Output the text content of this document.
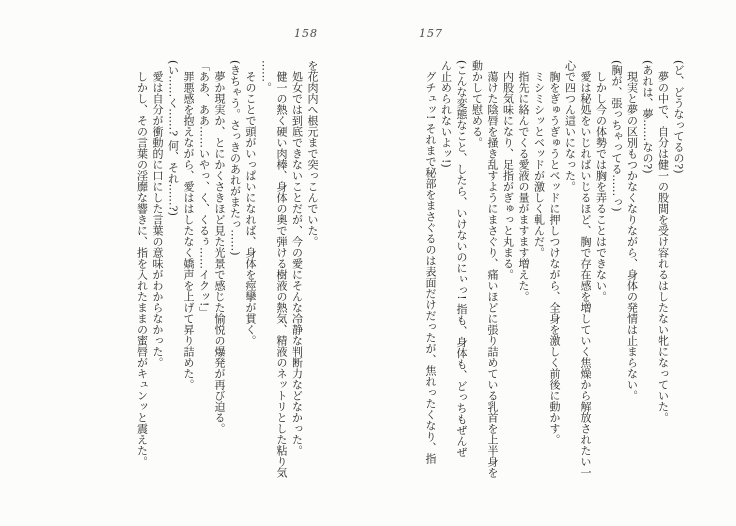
158	157

を花肉内へ根元まで突っこんでいた。

処女では到底できないことだが、今の愛にそんな冷静な判断力などなかった。

健一の熱く硬い肉棒、身体の奥で弾ける樹液の熱気、精液のネットリとした粘り気

……。

そのことで頭がいっぱいになれば、身体を痙攣が貫く。

(きちゃう。さっきのあれがまたっ……)

夢か現実か、とにかくさきほど見た光景で感じた愉悦の爆発が再び迫る。

「ああ、ああ……いやっ、く、くるぅ……イクッ!」

罪悪感を抱えながら、愛ははしたなく嬌声を上げて昇り詰めた。

(い……く……? 何、それ……?)

愛は自分が衝動的に口にした言葉の意味がわからなかった。

しかし、その言葉の淫靡な響きに、指を入れたままの蜜唇がキュンッと震えた。	(ど、どうなってるの?)

夢の中で、自分は健一の股間を受け容れるはしたない牝になっていた。

(あれは、夢……なの?)

現実と夢の区別もつかなくなりながら、身体の発情は止まらない。

(胸が、張っちゃってる……っ)

しかし今の体勢では胸を弄ることはできない。

愛は秘処をいじればいじるほど、胸で存在感を増していく焦燥から解放されたい一

心で四つん這いになった。

胸をぎゅうぎゅうとベッドに押しつけながら、全身を激しく前後に動かす。

ミシミシッとベッドが激しく軋んだ。

指先に絡んでくる愛液の量がますます増えた。

内股気味になり、足指がぎゅっと丸まる。

蕩けた陰唇を掻き乱すようにまさぐり、痛いほどに張り詰めている乳首を上半身を

動かして慰める。

(こんな変態なこと、したら、いけないのにぃっ! 指も、身体も、どっちもぜんぜ

ん止められないよッ!)

グチュッ! それまで秘部をまさぐるのは表面だけだったが、焦れったくなり、指
